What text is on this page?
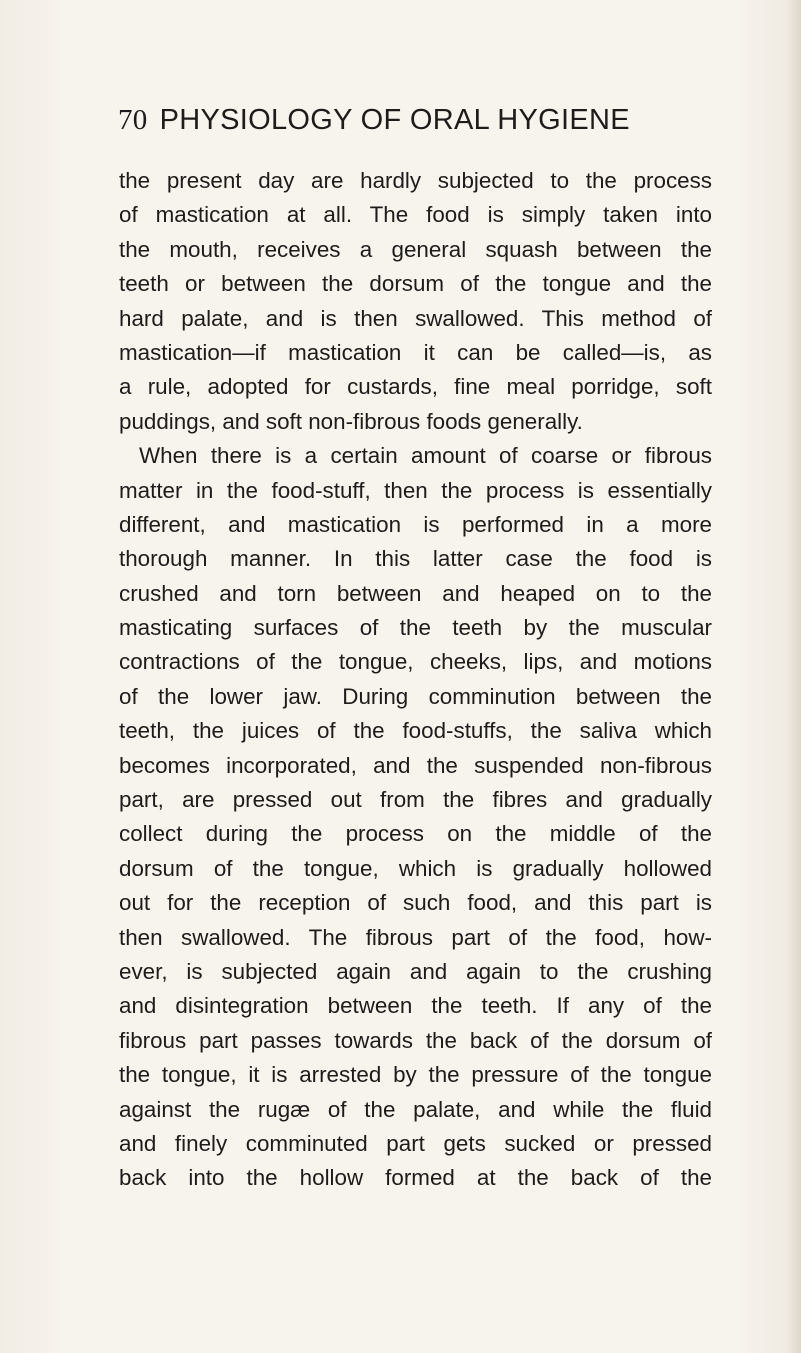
70 PHYSIOLOGY OF ORAL HYGIENE
the present day are hardly subjected to the process
of mastication at all. The food is simply taken into
the mouth, receives a general squash between the
teeth or between the dorsum of the tongue and the
hard palate, and is then swallowed. This method of
mastication—if mastication it can be called—is, as
a rule, adopted for custards, fine meal porridge, soft
puddings, and soft non-fibrous foods generally.
When there is a certain amount of coarse or fibrous
matter in the food-stuff, then the process is essentially
different, and mastication is performed in a more
thorough manner. In this latter case the food is
crushed and torn between and heaped on to the
masticating surfaces of the teeth by the muscular
contractions of the tongue, cheeks, lips, and motions
of the lower jaw. During comminution between the
teeth, the juices of the food-stuffs, the saliva which
becomes incorporated, and the suspended non-fibrous
part, are pressed out from the fibres and gradually
collect during the process on the middle of the
dorsum of the tongue, which is gradually hollowed
out for the reception of such food, and this part is
then swallowed. The fibrous part of the food, how-
ever, is subjected again and again to the crushing
and disintegration between the teeth. If any of the
fibrous part passes towards the back of the dorsum of
the tongue, it is arrested by the pressure of the tongue
against the rugæ of the palate, and while the fluid
and finely comminuted part gets sucked or pressed
back into the hollow formed at the back of the
